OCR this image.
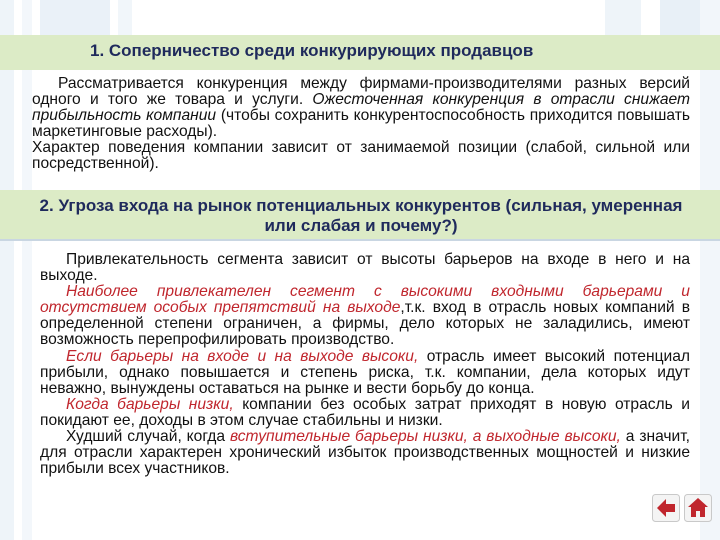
1. Соперничество среди конкурирующих продавцов

Рассматривается конкуренция между фирмами-производителями разных версий одного и того же товара и услуги. Ожесточенная конкуренция в отрасли снижает прибыльность компании (чтобы сохранить конкурентоспособность приходится повышать маркетинговые расходы).

Характер поведения компании зависит от занимаемой позиции (слабой, сильной или посредственной).

2. Угроза входа на рынок потенциальных конкурентов (сильная, умеренная или слабая и почему?)

Привлекательность сегмента зависит от высоты барьеров на входе в него и на выходе.

Наиболее привлекателен сегмент с высокими входными барьерами и отсутствием особых препятствий на выходе,т.к. вход в отрасль новых компаний в определенной степени ограничен, а фирмы, дело которых не заладились, имеют возможность перепрофилировать производство.

Если барьеры на входе и на выходе высоки, отрасль имеет высокий потенциал прибыли, однако повышается и степень риска, т.к. компании, дела которых идут неважно, вынуждены оставаться на рынке и вести борьбу до конца.

Когда барьеры низки, компании без особых затрат приходят в новую отрасль и покидают ее, доходы в этом случае стабильны и низки.

Худший случай, когда вступительные барьеры низки, а выходные высоки, а значит, для отрасли характерен хронический избыток производственных мощностей и низкие прибыли всех участников.
